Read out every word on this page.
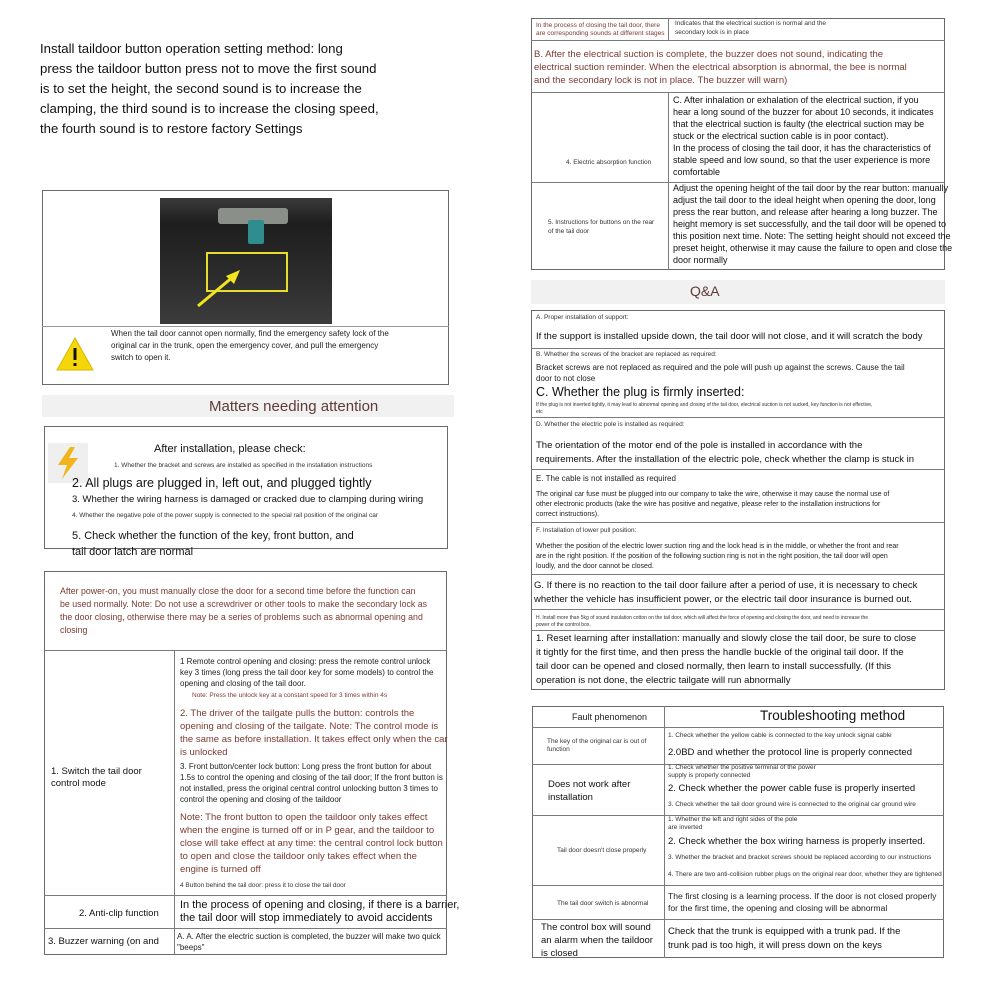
Install taildoor button operation setting method: long
press the taildoor button press not to move the first sound
is to set the height, the second sound is to increase the
clamping, the third sound is to increase the closing speed,
the fourth sound is to restore factory Settings
When the tail door cannot open normally, find the emergency safety lock of the
original car in the trunk, open the emergency cover, and pull the emergency
switch to open it.
Matters needing attention
After installation, please check:
1. Whether the bracket and screws are installed as specified in the installation instructions
2. All plugs are plugged in, left out, and plugged tightly
3. Whether the wiring harness is damaged or cracked due to clamping during wiring
4. Whether the negative pole of the power supply is connected to the special rail position of the original car
5. Check whether the function of the key, front button, and
tail door latch are normal
After power-on, you must manually close the door for a second time before the function can
be used normally. Note: Do not use a screwdriver or other tools to make the secondary lock as
the door closing, otherwise there may be a series of problems such as abnormal opening and
closing
1. Switch the tail door
control mode
1 Remote control opening and closing: press the remote control unlock
key 3 times (long press the tail door key for some models) to control the
opening and closing of the tail door.
Note: Press the unlock key at a constant speed for 3 times within 4s
2. The driver of the tailgate pulls the button: controls the
opening and closing of the tailgate. Note: The control mode is
the same as before installation. It takes effect only when the car
is unlocked
3. Front button/center lock button: Long press the front button for about
1.5s to control the opening and closing of the tail door; If the front button is
not installed, press the original central control unlocking button 3 times to
control the opening and closing of the taildoor
Note: The front button to open the taildoor only takes effect
when the engine is turned off or in P gear, and the taildoor to
close will take effect at any time: the central control lock button
to open and close the taildoor only takes effect when the
engine is turned off
4 Button behind the tail door: press it to close the tail door
2. Anti-clip function
In the process of opening and closing, if there is a barrier,
the tail door will stop immediately to avoid accidents
3. Buzzer warning (on and A. A. After the electric suction is completed, the buzzer will make two quick
"beeps"
In the process of closing the tail door, there
are corresponding sounds at different stages
Indicates that the electrical suction is normal and the
secondary lock is in place
B. After the electrical suction is complete, the buzzer does not sound, indicating the
electrical suction reminder. When the electrical absorption is abnormal, the bee is normal
and the secondary lock is not in place. The buzzer will warn)
4. Electric absorption function
C. After inhalation or exhalation of the electrical suction, if you
hear a long sound of the buzzer for about 10 seconds, it indicates
that the electrical suction is faulty (the electrical suction may be
stuck or the electrical suction cable is in poor contact).
In the process of closing the tail door, it has the characteristics of
stable speed and low sound, so that the user experience is more
comfortable
5. Instructions for buttons on the rear
of the tail door
Adjust the opening height of the tail door by the rear button: manually
adjust the tail door to the ideal height when opening the door, long
press the rear button, and release after hearing a long buzzer. The
height memory is set successfully, and the tail door will be opened to
this position next time. Note: The setting height should not exceed the
preset height, otherwise it may cause the failure to open and close the
door normally
Q&A
A. Proper installation of support:
If the support is installed upside down, the tail door will not close, and it will scratch the body
B. Whether the screws of the bracket are replaced as required:
Bracket screws are not replaced as required and the pole will push up against the screws. Cause the tail
door to not close
C. Whether the plug is firmly inserted:
If the plug is not inserted tightly, it may lead to abnormal opening and closing of the tail door, electrical suction is not sucked, key function is not effective,
etc
D. Whether the electric pole is installed as required:
The orientation of the motor end of the pole is installed in accordance with the
requirements. After the installation of the electric pole, check whether the clamp is stuck in
E. The cable is not installed as required
The original car fuse must be plugged into our company to take the wire, otherwise it may cause the normal use of
other electronic products (take the wire has positive and negative, please refer to the installation instructions for
correct instructions).
F. Installation of lower pull position:
Whether the position of the electric lower suction ring and the lock head is in the middle, or whether the front and rear
are in the right position. If the position of the following suction ring is not in the right position, the tail door will open
loudly, and the door cannot be closed.
G. If there is no reaction to the tail door failure after a period of use, it is necessary to check
whether the vehicle has insufficient power, or the electric tail door insurance is burned out.
H. Install more than 5kg of sound insulation cotton on the tail door, which will affect the force of opening and closing the door, and need to increase the
power of the control box.
1. Reset learning after installation: manually and slowly close the tail door, be sure to close
it tightly for the first time, and then press the handle buckle of the original tail door. If the
tail door can be opened and closed normally, then learn to install successfully. (If this
operation is not done, the electric tailgate will run abnormally
Fault phenomenon	Troubleshooting method
The key of the original car is out of
function
1. Check whether the yellow cable is connected to the key unlock signal cable
2.0BD and whether the protocol line is properly connected
Does not work after
installation
1. Check whether the positive terminal of the power
supply is properly connected
2. Check whether the power cable fuse is properly inserted
3. Check whether the tail door ground wire is connected to the original car ground wire
Tail door doesn't close properly
1. Whether the left and right sides of the pole
are inverted
2. Check whether the box wiring harness is properly inserted.
3. Whether the bracket and bracket screws should be replaced according to our instructions
4. There are two anti-collision rubber plugs on the original rear door, whether they are tightened
The tail door switch is abnormal
The first closing is a learning process. If the door is not closed properly
for the first time, the opening and closing will be abnormal
The control box will sound
an alarm when the taildoor
is closed
Check that the trunk is equipped with a trunk pad. If the
trunk pad is too high, it will press down on the keys
